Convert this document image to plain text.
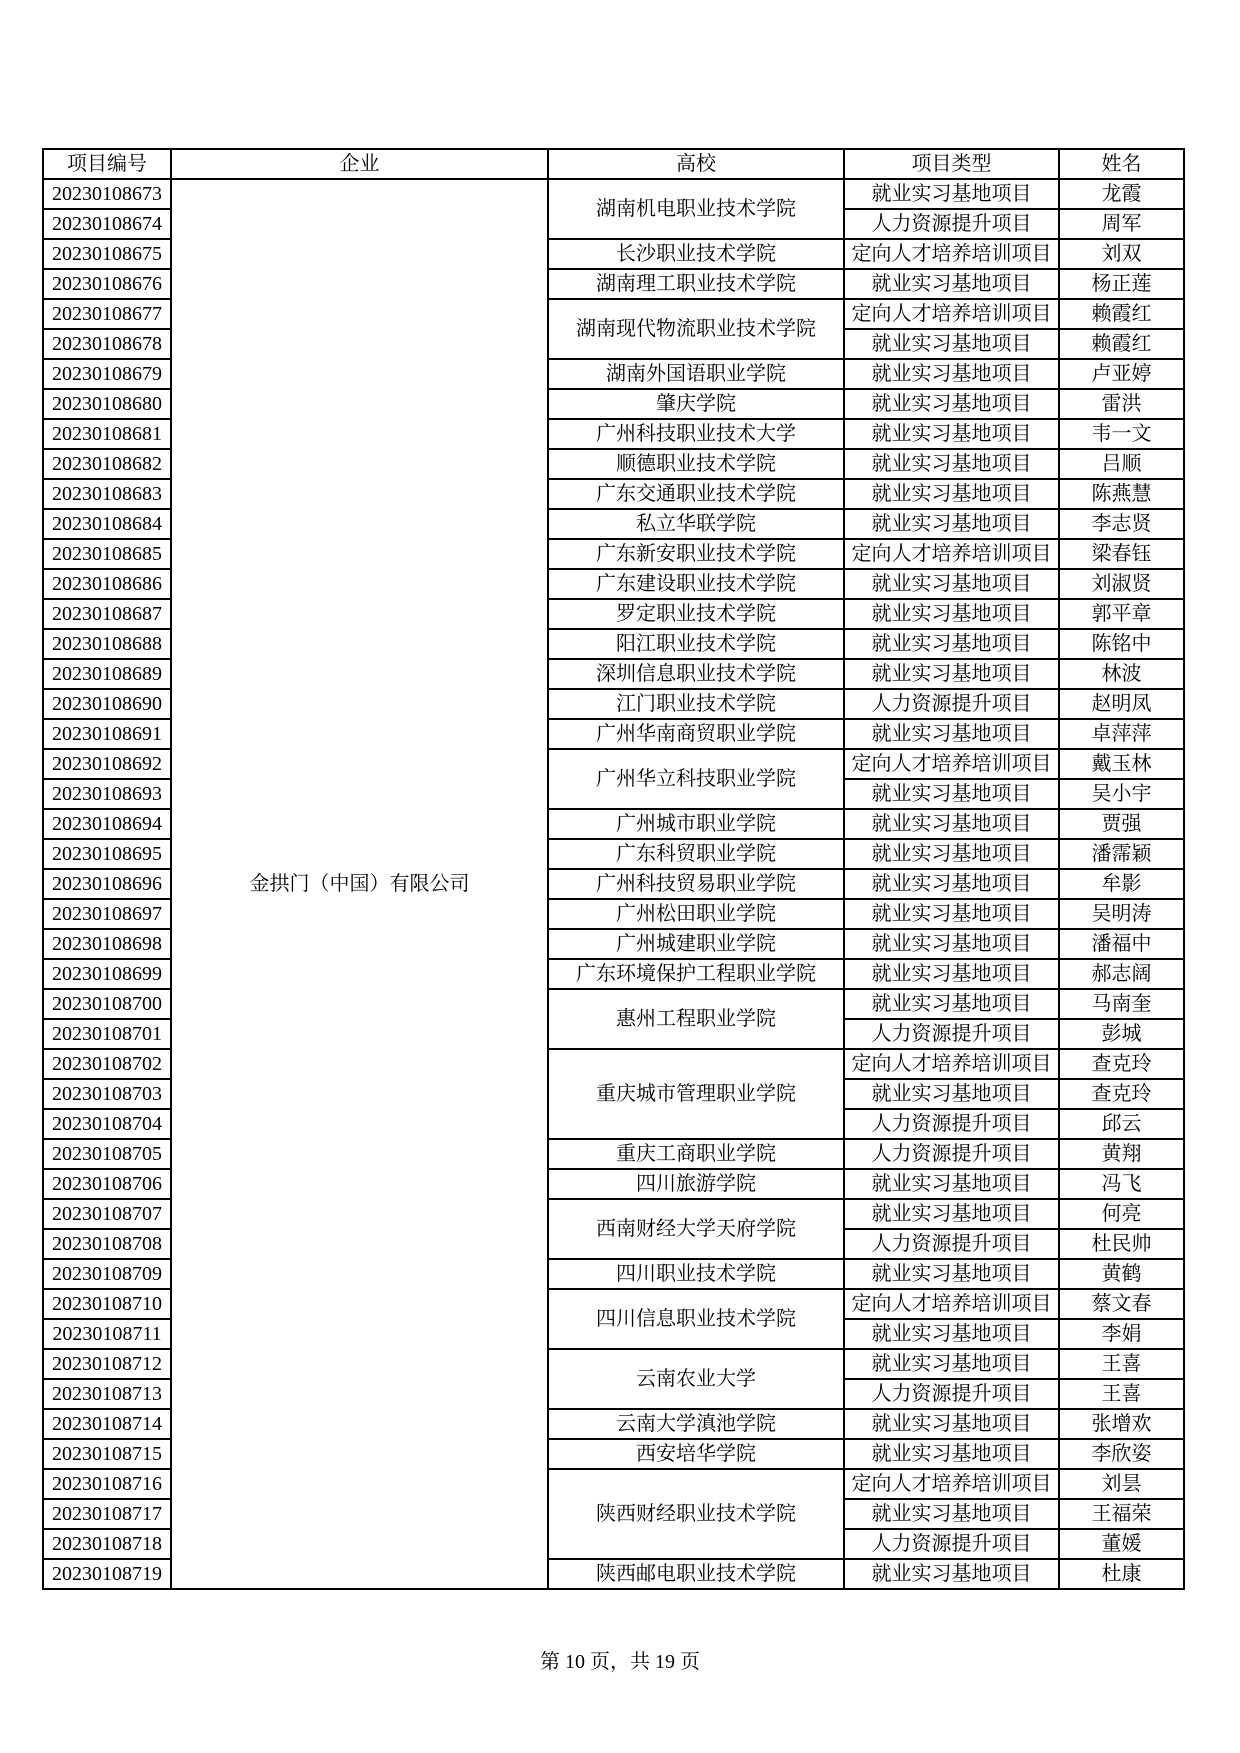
项目编号	企业	高校	项目类型	姓名
20230108673	金拱门（中国）有限公司	湖南机电职业技术学院	就业实习基地项目	龙霞
20230108674			人力资源提升项目	周军
20230108675		长沙职业技术学院	定向人才培养培训项目	刘双
20230108676		湖南理工职业技术学院	就业实习基地项目	杨正莲
20230108677		湖南现代物流职业技术学院	定向人才培养培训项目	赖霞红
20230108678			就业实习基地项目	赖霞红
20230108679		湖南外国语职业学院	就业实习基地项目	卢亚婷
20230108680		肇庆学院	就业实习基地项目	雷洪
20230108681		广州科技职业技术大学	就业实习基地项目	韦一文
20230108682		顺德职业技术学院	就业实习基地项目	吕顺
20230108683		广东交通职业技术学院	就业实习基地项目	陈燕慧
20230108684		私立华联学院	就业实习基地项目	李志贤
20230108685		广东新安职业技术学院	定向人才培养培训项目	梁春钰
20230108686		广东建设职业技术学院	就业实习基地项目	刘淑贤
20230108687		罗定职业技术学院	就业实习基地项目	郭平章
20230108688		阳江职业技术学院	就业实习基地项目	陈铭中
20230108689		深圳信息职业技术学院	就业实习基地项目	林波
20230108690		江门职业技术学院	人力资源提升项目	赵明凤
20230108691		广州华南商贸职业学院	就业实习基地项目	卓萍萍
20230108692		广州华立科技职业学院	定向人才培养培训项目	戴玉林
20230108693			就业实习基地项目	吴小宇
20230108694		广州城市职业学院	就业实习基地项目	贾强
20230108695		广东科贸职业学院	就业实习基地项目	潘霈颖
20230108696		广州科技贸易职业学院	就业实习基地项目	牟影
20230108697		广州松田职业学院	就业实习基地项目	吴明涛
20230108698		广州城建职业学院	就业实习基地项目	潘福中
20230108699		广东环境保护工程职业学院	就业实习基地项目	郝志阔
20230108700		惠州工程职业学院	就业实习基地项目	马南奎
20230108701			人力资源提升项目	彭城
20230108702		重庆城市管理职业学院	定向人才培养培训项目	查克玲
20230108703			就业实习基地项目	查克玲
20230108704			人力资源提升项目	邱云
20230108705		重庆工商职业学院	人力资源提升项目	黄翔
20230108706		四川旅游学院	就业实习基地项目	冯飞
20230108707		西南财经大学天府学院	就业实习基地项目	何亮
20230108708			人力资源提升项目	杜民帅
20230108709		四川职业技术学院	就业实习基地项目	黄鹤
20230108710		四川信息职业技术学院	定向人才培养培训项目	蔡文春
20230108711			就业实习基地项目	李娟
20230108712		云南农业大学	就业实习基地项目	王喜
20230108713			人力资源提升项目	王喜
20230108714		云南大学滇池学院	就业实习基地项目	张增欢
20230108715		西安培华学院	就业实习基地项目	李欣姿
20230108716		陕西财经职业技术学院	定向人才培养培训项目	刘昙
20230108717			就业实习基地项目	王福荣
20230108718			人力资源提升项目	董媛
20230108719		陕西邮电职业技术学院	就业实习基地项目	杜康
第 10 页，共 19 页
